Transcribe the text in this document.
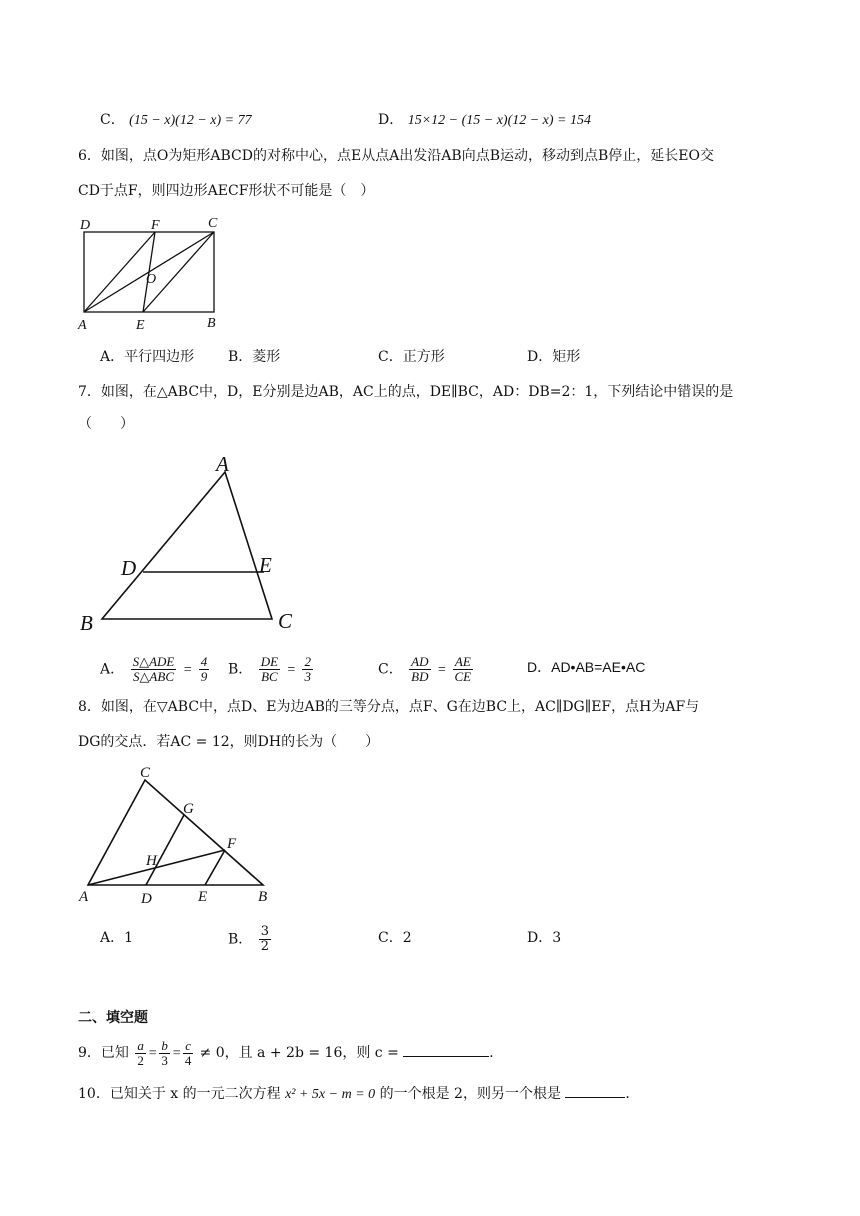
C． (15 − x)(12 − x) = 77	D． 15×12 − (15 − x)(12 − x) = 154
6．如图，点O为矩形ABCD的对称中心，点E从点A出发沿AB向点B运动，移动到点B停止，延长EO交
CD于点F，则四边形AECF形状不可能是（　）
D	F	C
O
A	E	B
A．平行四边形 B．菱形	C．正方形	D．矩形
7．如图，在△ABC中，D，E分别是边AB，AC上的点，DE∥BC，AD：DB=2：1，下列结论中错误的是
（　　）
A
D	E
B	C
A． $\frac{\text{S△ADE}}{\text{S△ABC}} = \frac{4}{9}$ B． $\frac{DE}{BC} = \frac{2}{3}$	C． $\frac{AD}{BD} = \frac{AE}{CE}$	D．AD•AB=AE•AC
8．如图，在▽ABC中，点D、E为边AB的三等分点，点F、G在边BC上，AC∥DG∥EF，点H为AF与
DG的交点．若AC = 12，则DH的长为（　　）
C
G
F
H
A	D	E	B
A．1	B． $\frac{3}{2}$	C．2	D．3
二、填空题
9．已知 $\frac{a}{2} = \frac{b}{3} = \frac{c}{4} \ne 0$，且 a + 2b = 16，则 c =	．
10．已知关于 x 的一元二次方程 x² + 5x − m = 0 的一个根是 2，则另一个根是	．
